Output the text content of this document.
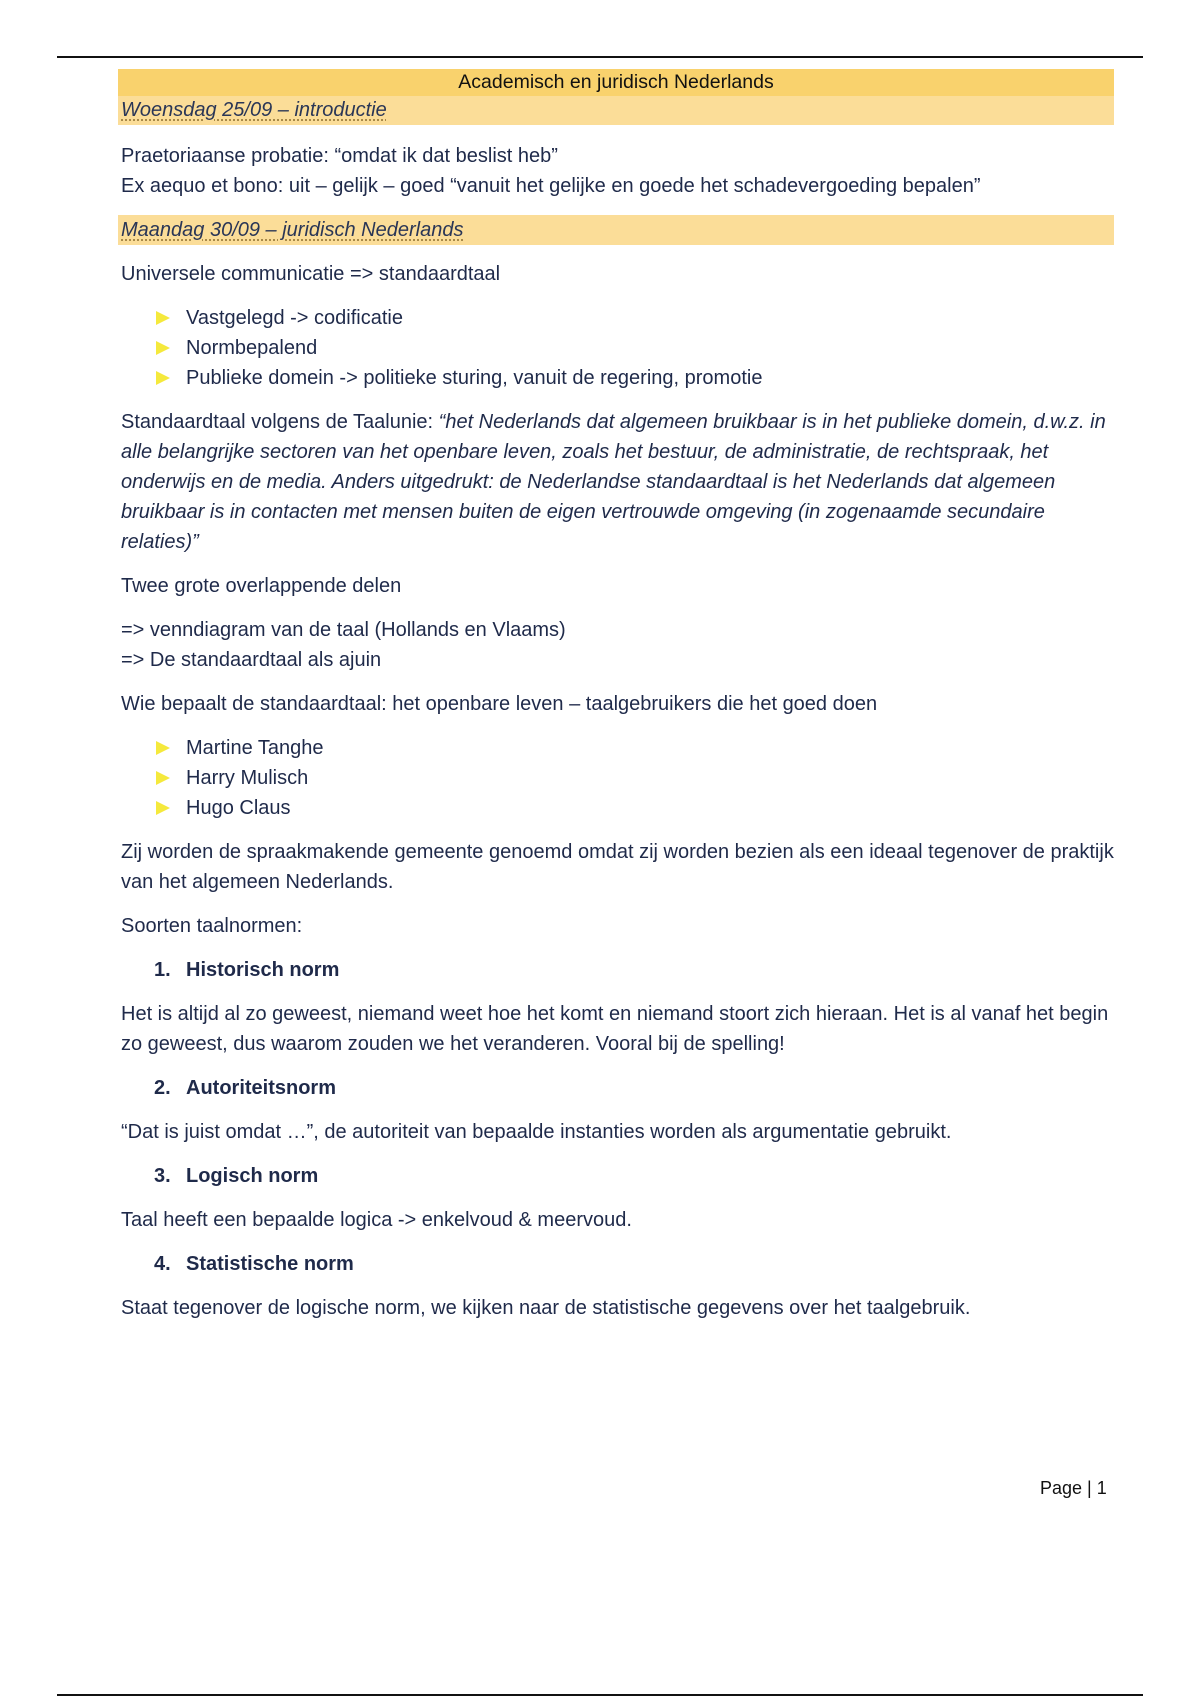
Academisch en juridisch Nederlands
Woensdag 25/09 – introductie

Praetoriaanse probatie: “omdat ik dat beslist heb”

Ex aequo et bono: uit – gelijk – goed “vanuit het gelijke en goede het schadevergoeding bepalen”

Maandag 30/09 – juridisch Nederlands

Universele communicatie => standaardtaal

Vastgelegd -> codificatie
Normbepalend
Publieke domein -> politieke sturing, vanuit de regering, promotie

Standaardtaal volgens de Taalunie: “het Nederlands dat algemeen bruikbaar is in het publieke domein, d.w.z. in alle belangrijke sectoren van het openbare leven, zoals het bestuur, de administratie, de rechtspraak, het onderwijs en de media. Anders uitgedrukt: de Nederlandse standaardtaal is het Nederlands dat algemeen bruikbaar is in contacten met mensen buiten de eigen vertrouwde omgeving (in zogenaamde secundaire relaties)”

Twee grote overlappende delen

=> venndiagram van de taal (Hollands en Vlaams)

=> De standaardtaal als ajuin

Wie bepaalt de standaardtaal: het openbare leven – taalgebruikers die het goed doen

Martine Tanghe
Harry Mulisch
Hugo Claus

Zij worden de spraakmakende gemeente genoemd omdat zij worden bezien als een ideaal tegenover de praktijk van het algemeen Nederlands.

Soorten taalnormen:

1. Historisch norm

Het is altijd al zo geweest, niemand weet hoe het komt en niemand stoort zich hieraan. Het is al vanaf het begin zo geweest, dus waarom zouden we het veranderen. Vooral bij de spelling!

2. Autoriteitsnorm

“Dat is juist omdat …”, de autoriteit van bepaalde instanties worden als argumentatie gebruikt.

3. Logisch norm

Taal heeft een bepaalde logica -> enkelvoud & meervoud.

4. Statistische norm

Staat tegenover de logische norm, we kijken naar de statistische gegevens over het taalgebruik.

Page | 1
